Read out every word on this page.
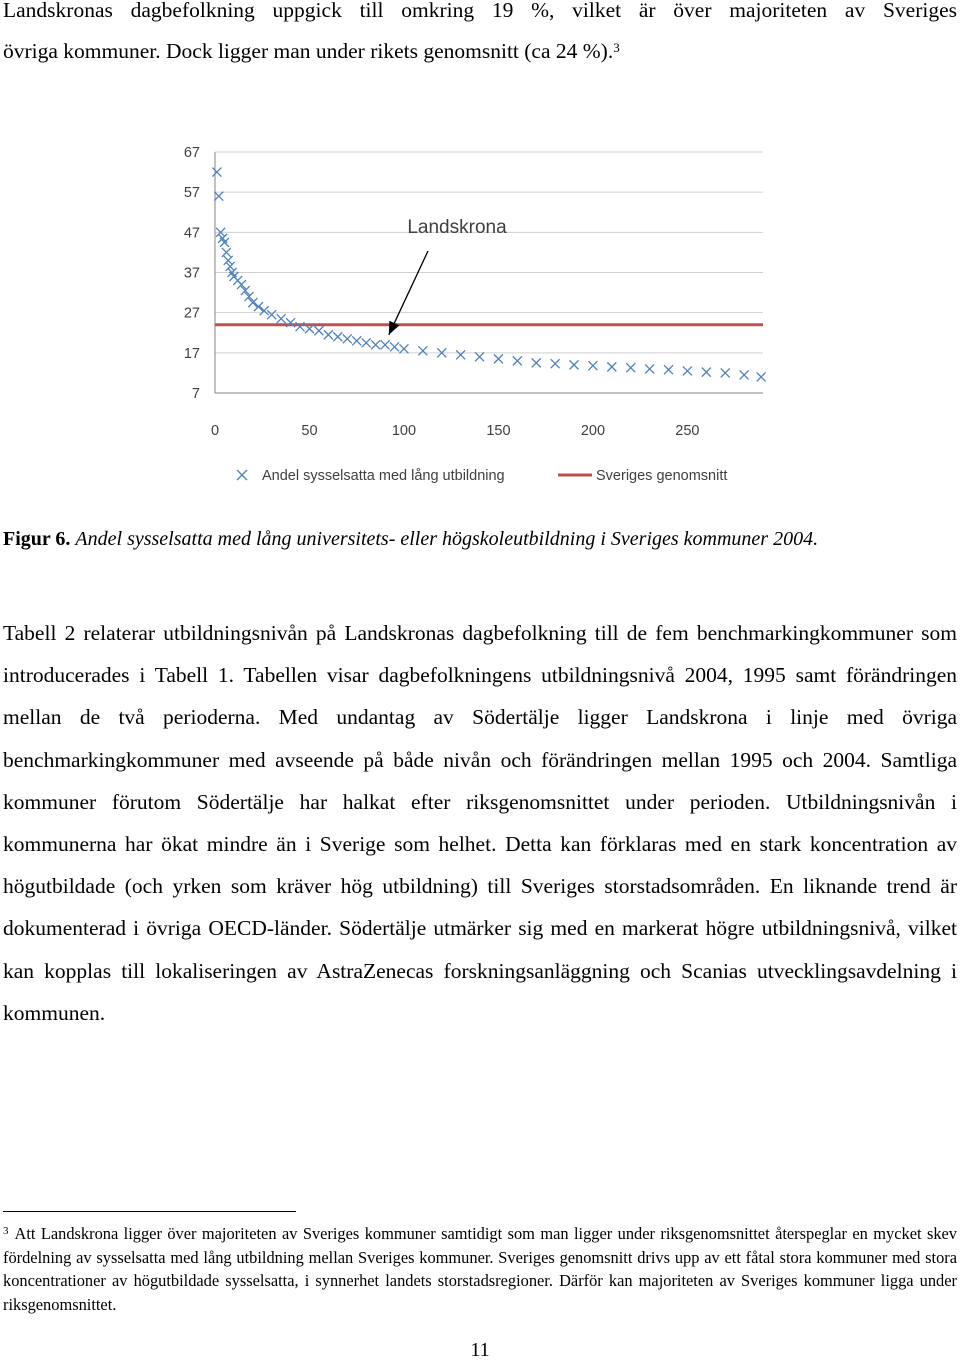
Landskronas dagbefolkning uppgick till omkring 19 %, vilket är över majoriteten av Sveriges
övriga kommuner. Dock ligger man under rikets genomsnitt (ca 24 %).$^3$

7
17
27
37
47
57
67
0	50	100	150	200	250
Landskrona
Andel sysselsatta med lång utbildning	Sveriges genomsnitt

Figur 6. Andel sysselsatta med lång universitets- eller högskoleutbildning i Sveriges kommuner 2004.

Tabell 2 relaterar utbildningsnivån på Landskronas dagbefolkning till de fem benchmarkingkommuner som introducerades i Tabell 1. Tabellen visar dagbefolkningens utbildningsnivå 2004, 1995 samt förändringen mellan de två perioderna. Med undantag av Södertälje ligger Landskrona i linje med övriga benchmarkingkommuner med avseende på både nivån och förändringen mellan 1995 och 2004. Samtliga kommuner förutom Södertälje har halkat efter riksgenomsnittet under perioden. Utbildningsnivån i kommunerna har ökat mindre än i Sverige som helhet. Detta kan förklaras med en stark koncentration av högutbildade (och yrken som kräver hög utbildning) till Sveriges storstadsområden. En liknande trend är dokumenterad i övriga OECD-länder. Södertälje utmärker sig med en markerat högre utbildningsnivå, vilket kan kopplas till lokaliseringen av AstraZenecas forskningsanläggning och Scanias utvecklingsavdelning i kommunen.

$^3$ Att Landskrona ligger över majoriteten av Sveriges kommuner samtidigt som man ligger under riksgenomsnittet återspeglar en mycket skev fördelning av sysselsatta med lång utbildning mellan Sveriges kommuner. Sveriges genomsnitt drivs upp av ett fåtal stora kommuner med stora koncentrationer av högutbildade sysselsatta, i synnerhet landets storstadsregioner. Därför kan majoriteten av Sveriges kommuner ligga under riksgenomsnittet.

11
